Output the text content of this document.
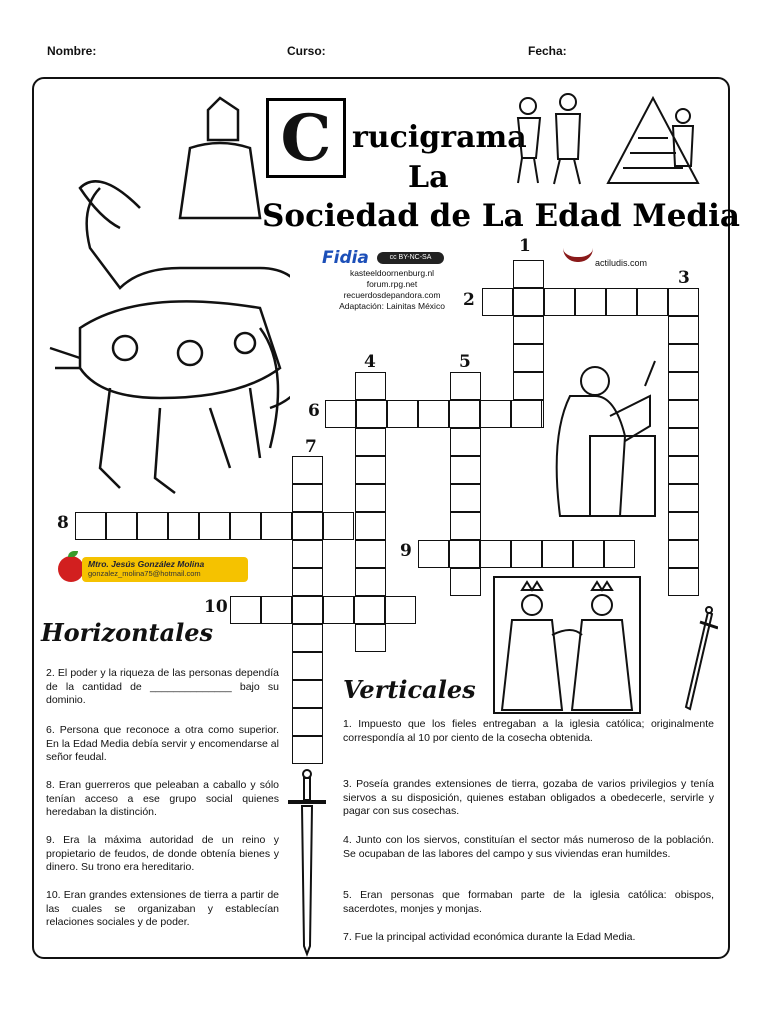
Nombre:	Curso:	Fecha:
C rucigrama
La
Sociedad de La Edad Media
Fidia	cc BY-NC-SA
actiludis.com
kasteeldoornenburg.nl
forum.rpg.net
recuerdosdepandora.com
Adaptación: Lainitas México
Mtro. Jesús González Molina
gonzalez_molina75@hotmail.com
1
2
3
4	5
6
7
8
9
10
Horizontales
Verticales
2. El poder y la riqueza de las personas dependía de la cantidad de ______________ bajo su dominio.
6. Persona que reconoce a otra como superior. En la Edad Media debía servir y encomendarse al señor feudal.
8. Eran guerreros que peleaban a caballo y sólo tenían acceso a ese grupo social quienes heredaban la distinción.
9. Era la máxima autoridad de un reino y propietario de feudos, de donde obtenía bienes y dinero. Su trono era hereditario.
10. Eran grandes extensiones de tierra a partir de las cuales se organizaban y establecían relaciones sociales y de poder.
1. Impuesto que los fieles entregaban a la iglesia católica; originalmente correspondía al 10 por ciento de la cosecha obtenida.
3. Poseía grandes extensiones de tierra, gozaba de varios privilegios y tenía siervos a su disposición, quienes estaban obligados a obedecerle, servirle y pagar con sus cosechas.
4. Junto con los siervos, constituían el sector más numeroso de la población. Se ocupaban de las labores del campo y sus viviendas eran humildes.
5. Eran personas que formaban parte de la iglesia católica: obispos, sacerdotes, monjes y monjas.
7. Fue la principal actividad económica durante la Edad Media.
